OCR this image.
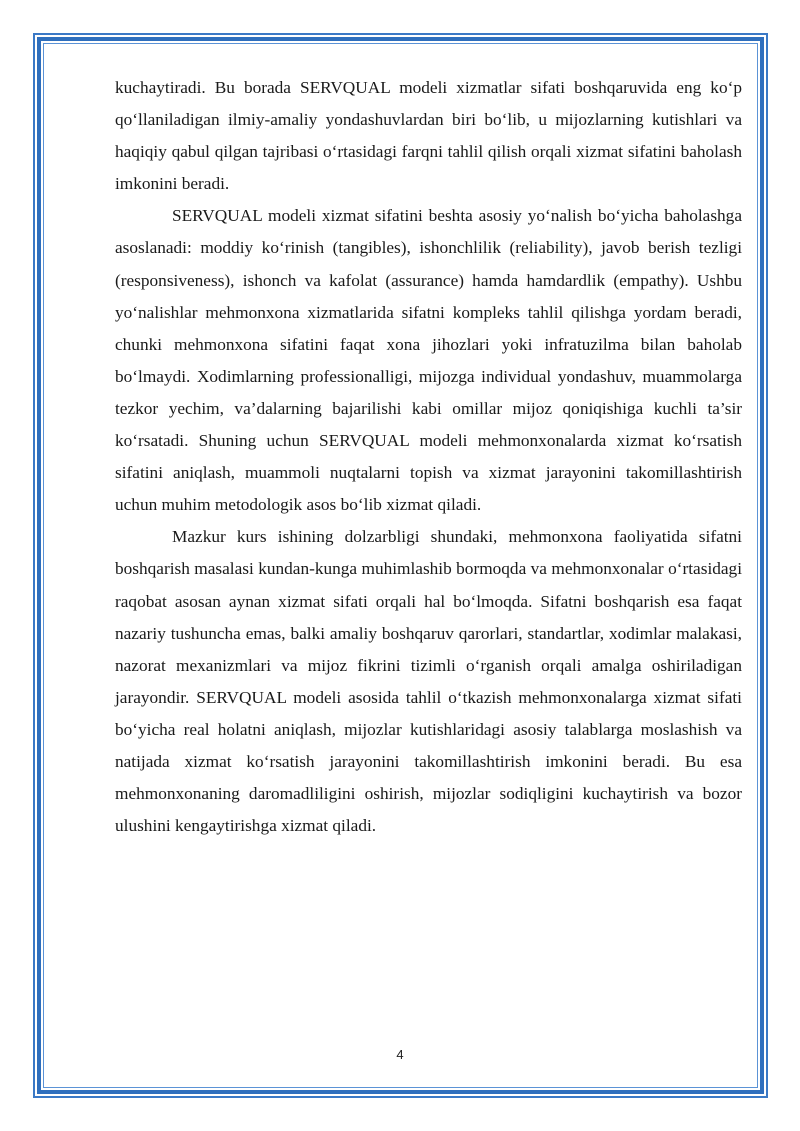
kuchaytiradi. Bu borada SERVQUAL modeli xizmatlar sifati boshqaruvida eng ko‘p qo‘llaniladigan ilmiy-amaliy yondashuvlardan biri bo‘lib, u mijozlarning kutishlari va haqiqiy qabul qilgan tajribasi o‘rtasidagi farqni tahlil qilish orqali xizmat sifatini baholash imkonini beradi.

SERVQUAL modeli xizmat sifatini beshta asosiy yo‘nalish bo‘yicha baholashga asoslanadi: moddiy ko‘rinish (tangibles), ishonchlilik (reliability), javob berish tezligi (responsiveness), ishonch va kafolat (assurance) hamda hamdardlik (empathy). Ushbu yo‘nalishlar mehmonxona xizmatlarida sifatni kompleks tahlil qilishga yordam beradi, chunki mehmonxona sifatini faqat xona jihozlari yoki infratuzilma bilan baholab bo‘lmaydi. Xodimlarning professionalligi, mijozga individual yondashuv, muammolarga tezkor yechim, va’dalarning bajarilishi kabi omillar mijoz qoniqishiga kuchli ta’sir ko‘rsatadi. Shuning uchun SERVQUAL modeli mehmonxonalarda xizmat ko‘rsatish sifatini aniqlash, muammoli nuqtalarni topish va xizmat jarayonini takomillashtirish uchun muhim metodologik asos bo‘lib xizmat qiladi.

Mazkur kurs ishining dolzarbligi shundaki, mehmonxona faoliyatida sifatni boshqarish masalasi kundan-kunga muhimlashib bormoqda va mehmonxonalar o‘rtasidagi raqobat asosan aynan xizmat sifati orqali hal bo‘lmoqda. Sifatni boshqarish esa faqat nazariy tushuncha emas, balki amaliy boshqaruv qarorlari, standartlar, xodimlar malakasi, nazorat mexanizmlari va mijoz fikrini tizimli o‘rganish orqali amalga oshiriladigan jarayondir. SERVQUAL modeli asosida tahlil o‘tkazish mehmonxonalarga xizmat sifati bo‘yicha real holatni aniqlash, mijozlar kutishlaridagi asosiy talablarga moslashish va natijada xizmat ko‘rsatish jarayonini takomillashtirish imkonini beradi. Bu esa mehmonxonaning daromadliligini oshirish, mijozlar sodiqligini kuchaytirish va bozor ulushini kengaytirishga xizmat qiladi.

4
